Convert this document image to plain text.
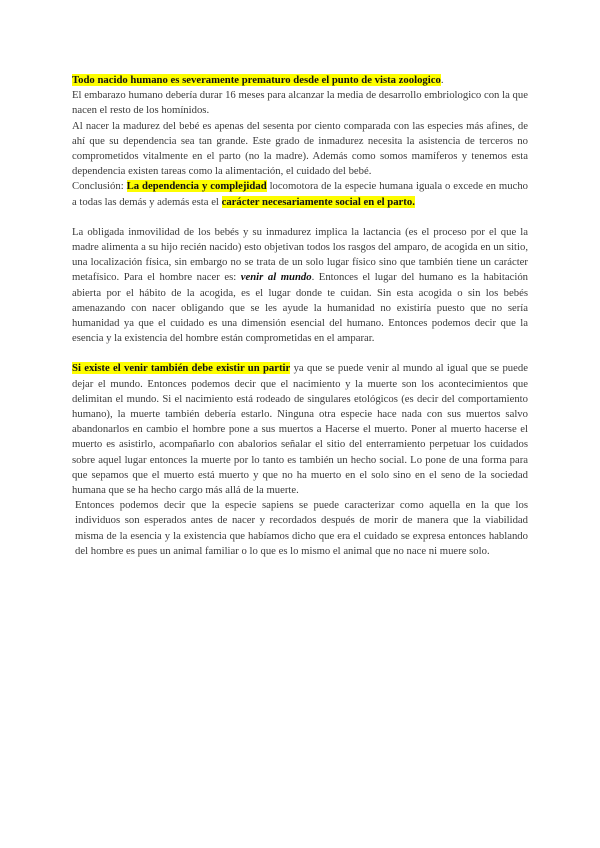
Todo nacido humano es severamente prematuro desde el punto de vista zoologico.
El embarazo humano debería durar 16 meses para alcanzar la media de desarrollo embriologico con la que nacen el resto de los homínidos.
Al nacer la madurez del bebé es apenas del sesenta por ciento comparada con las especies más afines, de ahí que su dependencia sea tan grande. Este grado de inmadurez necesita la asistencia de terceros no comprometidos vitalmente en el parto (no la madre). Además como somos mamíferos y tenemos esta dependencia existen tareas como la alimentación, el cuidado del bebé.
Conclusión: La dependencia y complejidad locomotora de la especie humana iguala o excede en mucho a todas las demás y además esta el carácter necesariamente social en el parto.

La obligada inmovilidad de los bebés y su inmadurez implica la lactancia (es el proceso por el que la madre alimenta a su hijo recién nacido) esto objetivan todos los rasgos del amparo, de acogida en un sitio, una localización física, sin embargo no se trata de un solo lugar físico sino que también tiene un carácter metafísico. Para el hombre nacer es: venir al mundo. Entonces el lugar del humano es la habitación abierta por el hábito de la acogida, es el lugar donde te cuidan. Sin esta acogida o sin los bebés amenazando con nacer obligando que se les ayude la humanidad no existiría puesto que no sería humanidad ya que el cuidado es una dimensión esencial del humano. Entonces podemos decir que la esencia y la existencia del hombre están comprometidas en el amparar.

Si existe el venir también debe existir un partir ya que se puede venir al mundo al igual que se puede dejar el mundo. Entonces podemos decir que el nacimiento y la muerte son los acontecimientos que delimitan el mundo. Si el nacimiento está rodeado de singulares etológicos (es decir del comportamiento humano), la muerte también debería estarlo. Ninguna otra especie hace nada con sus muertos salvo abandonarlos en cambio el hombre pone a sus muertos a Hacerse el muerto. Poner al muerto hacerse el muerto es asistirlo, acompañarlo con abalorios señalar el sitio del enterramiento perpetuar los cuidados sobre aquel lugar entonces la muerte por lo tanto es también un hecho social. Lo pone de una forma para que sepamos que el muerto está muerto y que no ha muerto en el solo sino en el seno de la sociedad humana que se ha hecho cargo más allá de la muerte.

Entonces podemos decir que la especie sapiens se puede caracterizar como aquella en la que los individuos son esperados antes de nacer y recordados después de morir de manera que la viabilidad misma de la esencia y la existencia que habíamos dicho que era el cuidado se expresa entonces hablando del hombre es pues un animal familiar o lo que es lo mismo el animal que no nace ni muere solo.
